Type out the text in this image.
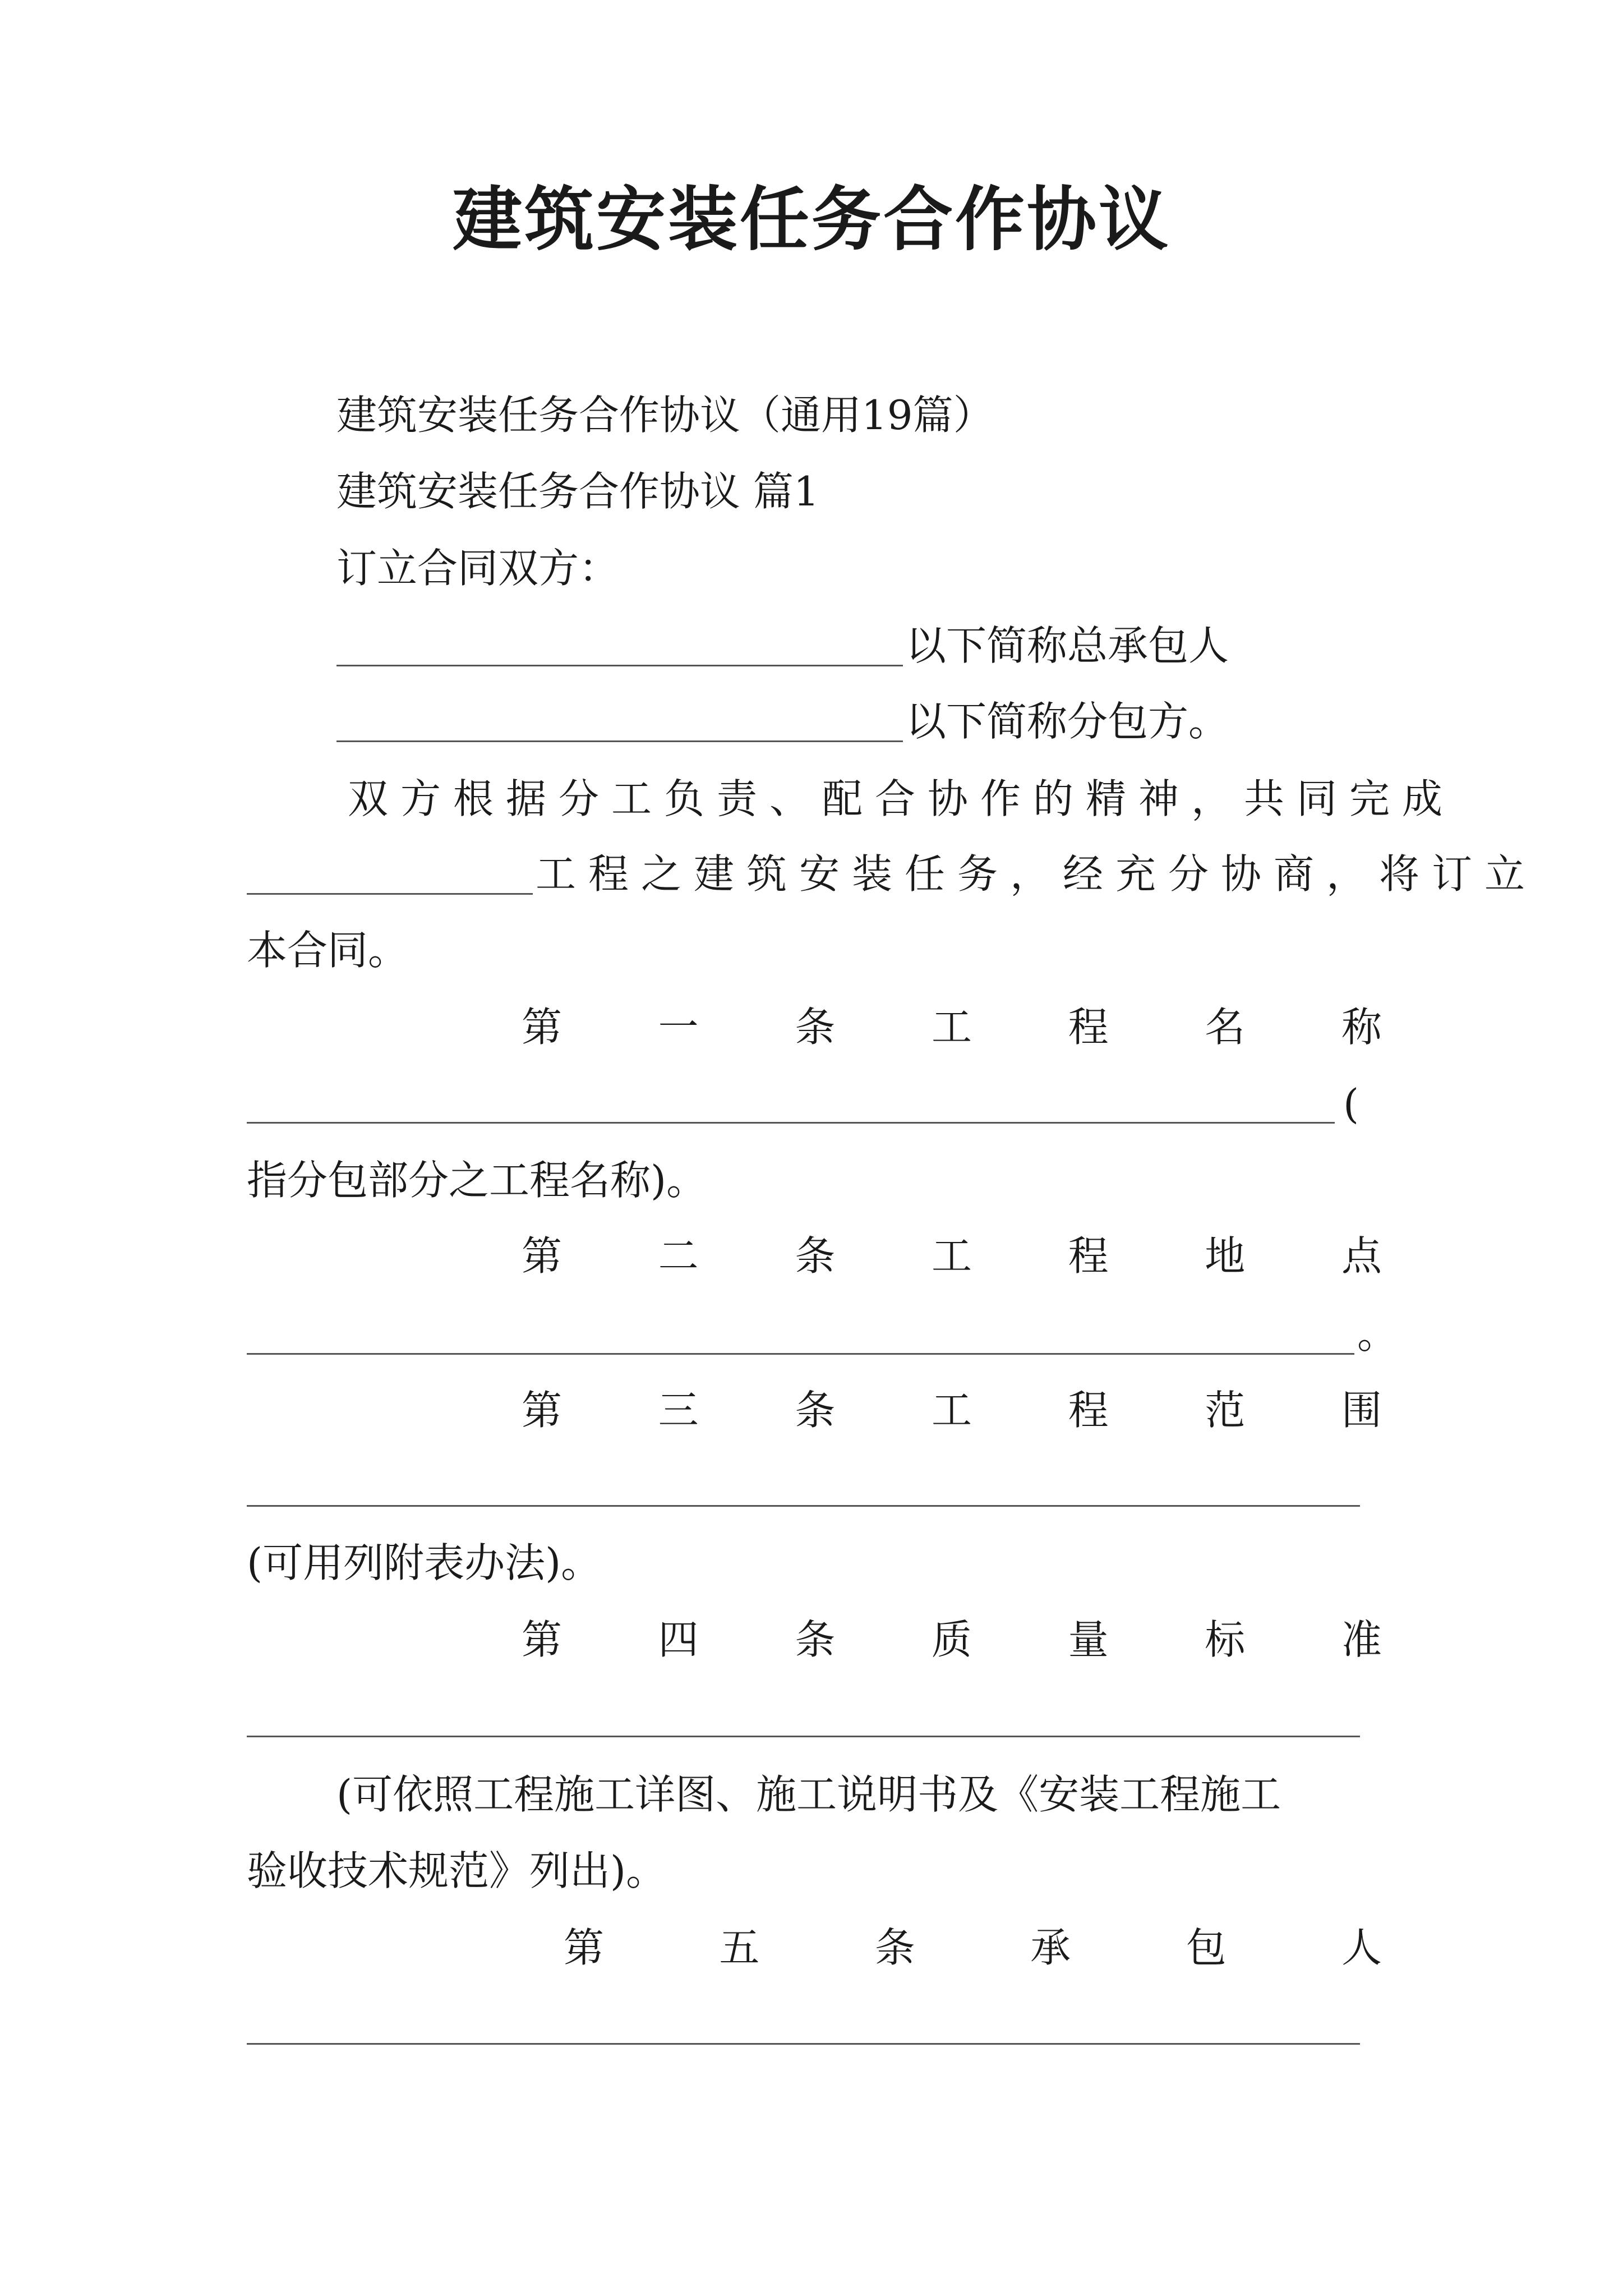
建筑安装任务合作协议
建筑安装任务合作协议（通用19篇）
建筑安装任务合作协议 篇1
订立合同双方：
以下简称总承包人
以下简称分包方。
双方根据分工负责、配合协作的精神，共同完成
工程之建筑安装任务，经充分协商，将订立
本合同。
第 一 条 工 程 名 称
(
指分包部分之工程名称)。
第 二 条 工 程 地 点
。
第 三 条 工 程 范 围
(可用列附表办法)。
第 四 条 质 量 标 准
(可依照工程施工详图、施工说明书及《安装工程施工
验收技术规范》列出)。
第	五	条	承	包	人
